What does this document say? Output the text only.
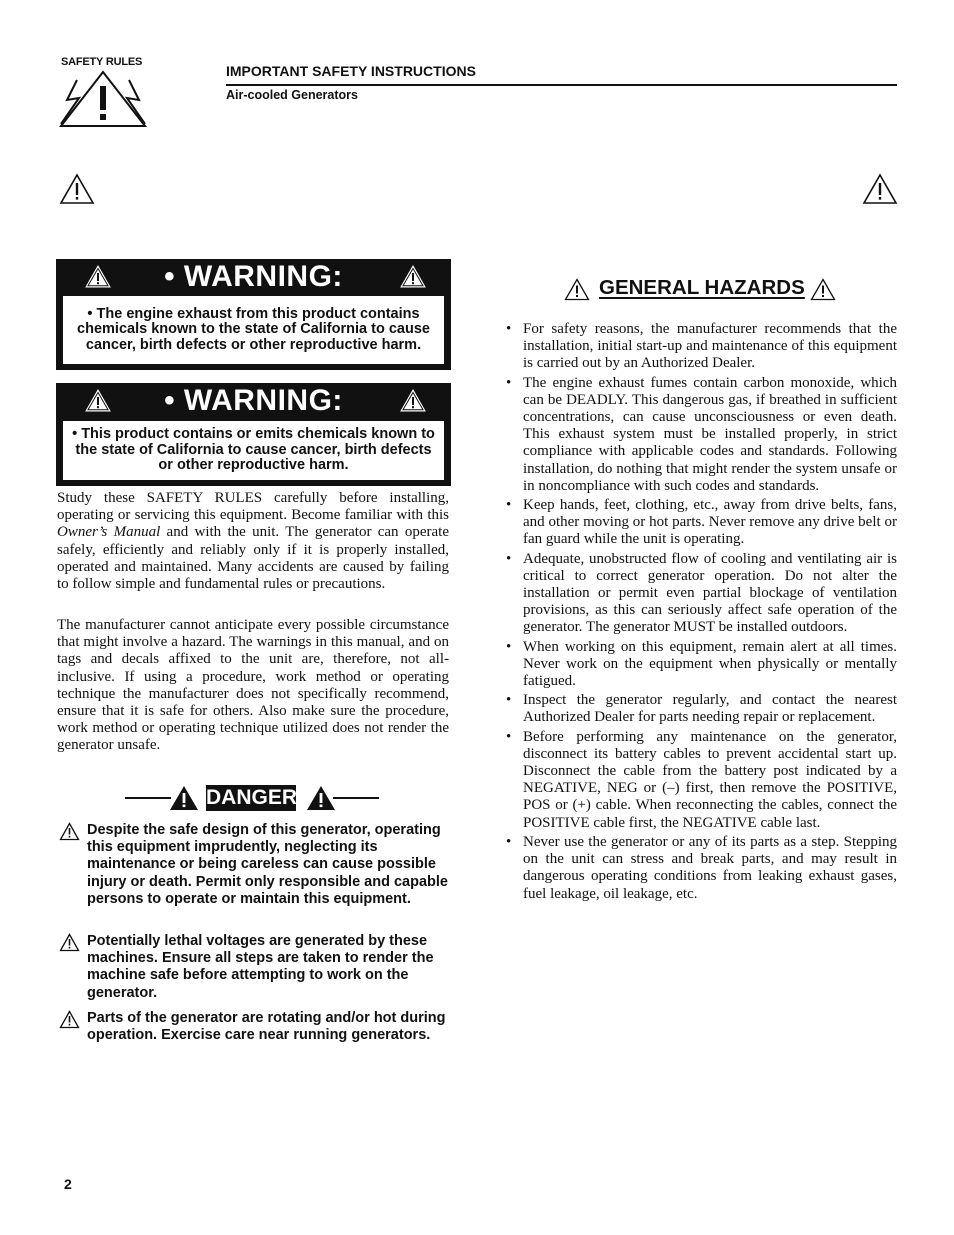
SAFETY RULES
IMPORTANT SAFETY INSTRUCTIONS
Air-cooled Generators
• WARNING:
• The engine exhaust from this product contains chemicals known to the state of California to cause cancer, birth defects or other reproductive harm.
• WARNING:
• This product contains or emits chemicals known to the state of California to cause cancer, birth defects or other reproductive harm.
Study these SAFETY RULES carefully before installing, operating or servicing this equipment. Become familiar with this Owner’s Manual and with the unit. The generator can operate safely, efficiently and reliably only if it is properly installed, operated and maintained. Many accidents are caused by failing to follow simple and fundamental rules or precautions.
The manufacturer cannot anticipate every possible circumstance that might involve a hazard. The warnings in this manual, and on tags and decals affixed to the unit are, therefore, not all-inclusive. If using a procedure, work method or operating technique the manufacturer does not specifically recommend, ensure that it is safe for others. Also make sure the procedure, work method or operating technique utilized does not render the generator unsafe.
DANGER
Despite the safe design of this generator, operating this equipment imprudently, neglecting its maintenance or being careless can cause possible injury or death. Permit only responsible and capable persons to operate or maintain this equipment.
Potentially lethal voltages are generated by these machines. Ensure all steps are taken to render the machine safe before attempting to work on the generator.
Parts of the generator are rotating and/or hot during operation. Exercise care near running generators.
GENERAL HAZARDS
• For safety reasons, the manufacturer recommends that the installation, initial start-up and maintenance of this equipment is carried out by an Authorized Dealer.
• The engine exhaust fumes contain carbon monoxide, which can be DEADLY. This dangerous gas, if breathed in sufficient concentrations, can cause unconsciousness or even death. This exhaust system must be installed properly, in strict compliance with applicable codes and standards. Following installation, do nothing that might render the system unsafe or in noncompliance with such codes and standards.
• Keep hands, feet, clothing, etc., away from drive belts, fans, and other moving or hot parts. Never remove any drive belt or fan guard while the unit is operating.
• Adequate, unobstructed flow of cooling and ventilating air is critical to correct generator operation. Do not alter the installation or permit even partial blockage of ventilation provisions, as this can seriously affect safe operation of the generator. The generator MUST be installed outdoors.
• When working on this equipment, remain alert at all times. Never work on the equipment when physically or mentally fatigued.
• Inspect the generator regularly, and contact the nearest Authorized Dealer for parts needing repair or replacement.
• Before performing any maintenance on the generator, disconnect its battery cables to prevent accidental start up. Disconnect the cable from the battery post indicated by a NEGATIVE, NEG or (–) first, then remove the POSITIVE, POS or (+) cable. When reconnecting the cables, connect the POSITIVE cable first, the NEGATIVE cable last.
• Never use the generator or any of its parts as a step. Stepping on the unit can stress and break parts, and may result in dangerous operating conditions from leaking exhaust gases, fuel leakage, oil leakage, etc.
2
